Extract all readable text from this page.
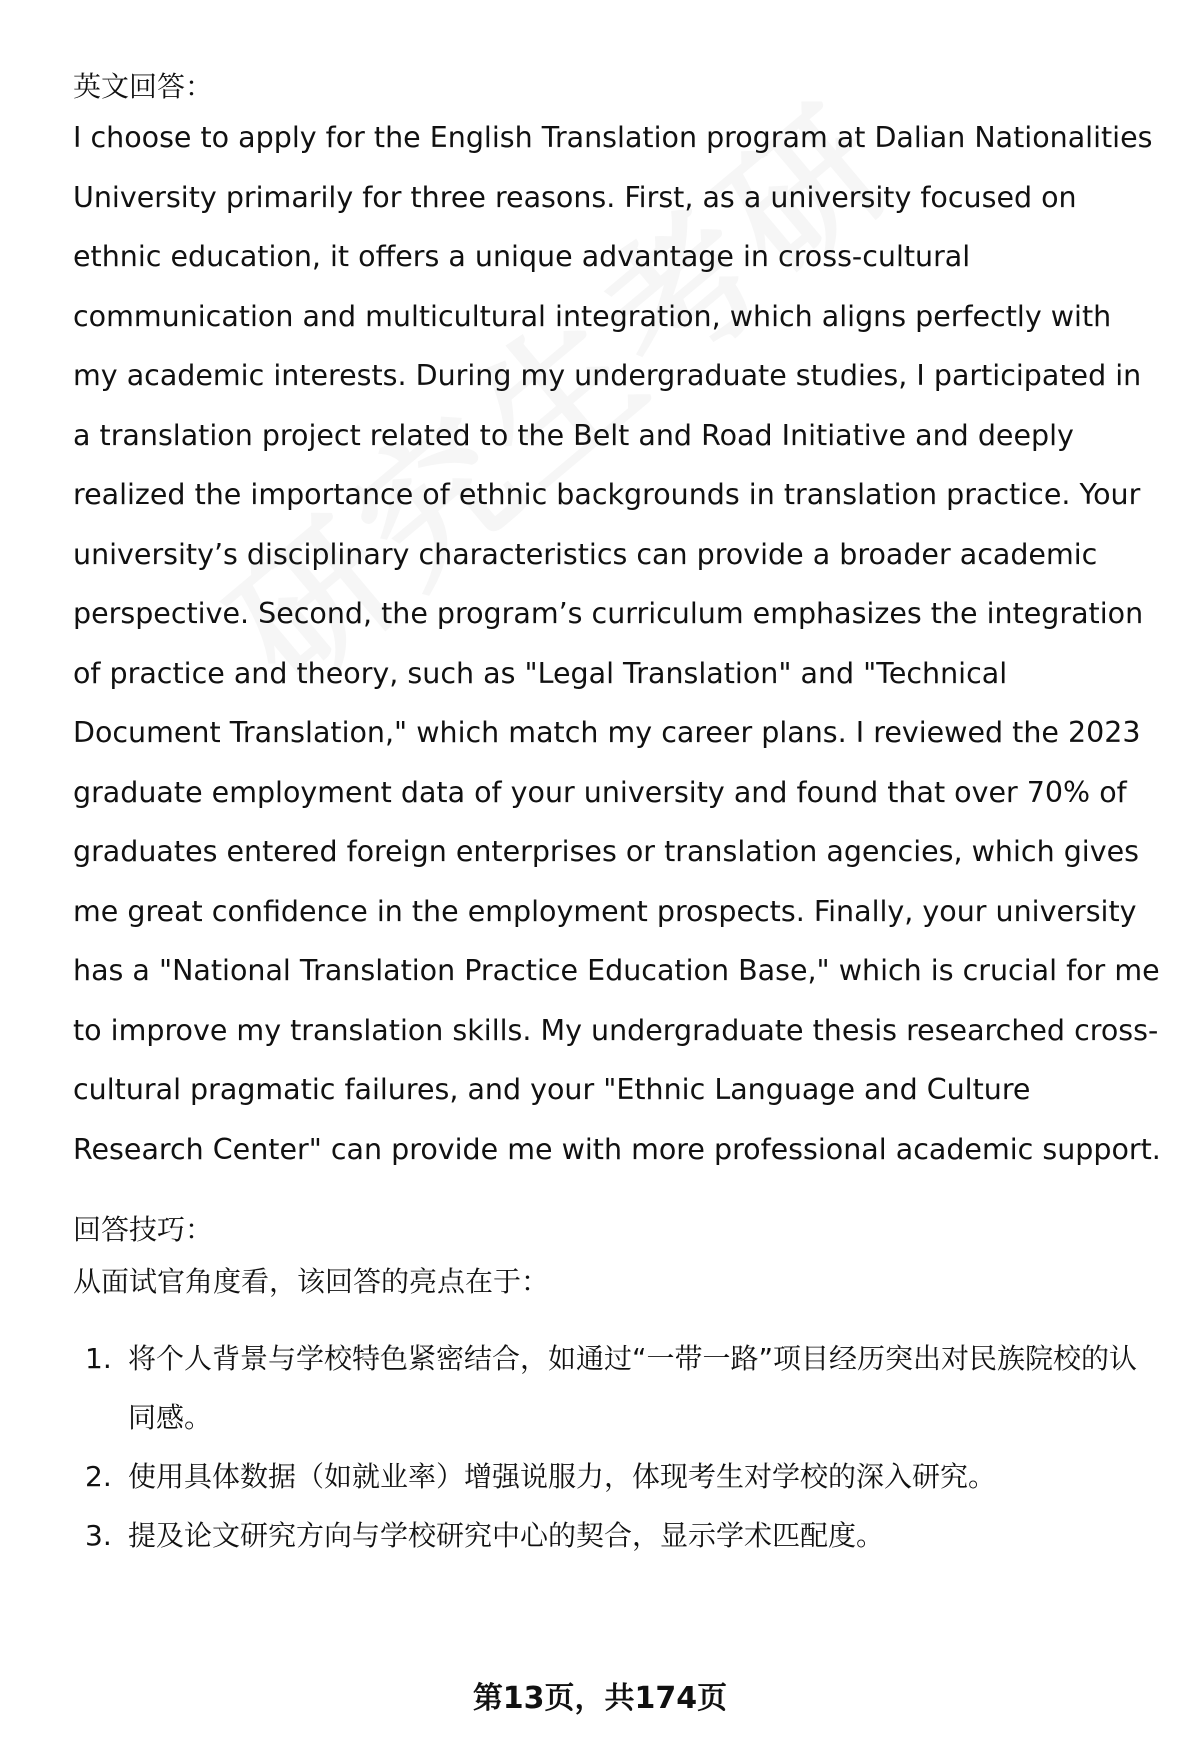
英文回答：

I choose to apply for the English Translation program at Dalian Nationalities University primarily for three reasons. First, as a university focused on ethnic education, it offers a unique advantage in cross-cultural communication and multicultural integration, which aligns perfectly with my academic interests. During my undergraduate studies, I participated in a translation project related to the Belt and Road Initiative and deeply realized the importance of ethnic backgrounds in translation practice. Your university’s disciplinary characteristics can provide a broader academic perspective. Second, the program’s curriculum emphasizes the integration of practice and theory, such as "Legal Translation" and "Technical Document Translation," which match my career plans. I reviewed the 2023 graduate employment data of your university and found that over 70% of graduates entered foreign enterprises or translation agencies, which gives me great confidence in the employment prospects. Finally, your university has a "National Translation Practice Education Base," which is crucial for me to improve my translation skills. My undergraduate thesis researched cross-cultural pragmatic failures, and your "Ethnic Language and Culture Research Center" can provide me with more professional academic support.

回答技巧：

从面试官角度看，该回答的亮点在于：

1. 将个人背景与学校特色紧密结合，如通过“一带一路”项目经历突出对民族院校的认同感。
2. 使用具体数据（如就业率）增强说服力，体现考生对学校的深入研究。
3. 提及论文研究方向与学校研究中心的契合，显示学术匹配度。
第13页，共174页
